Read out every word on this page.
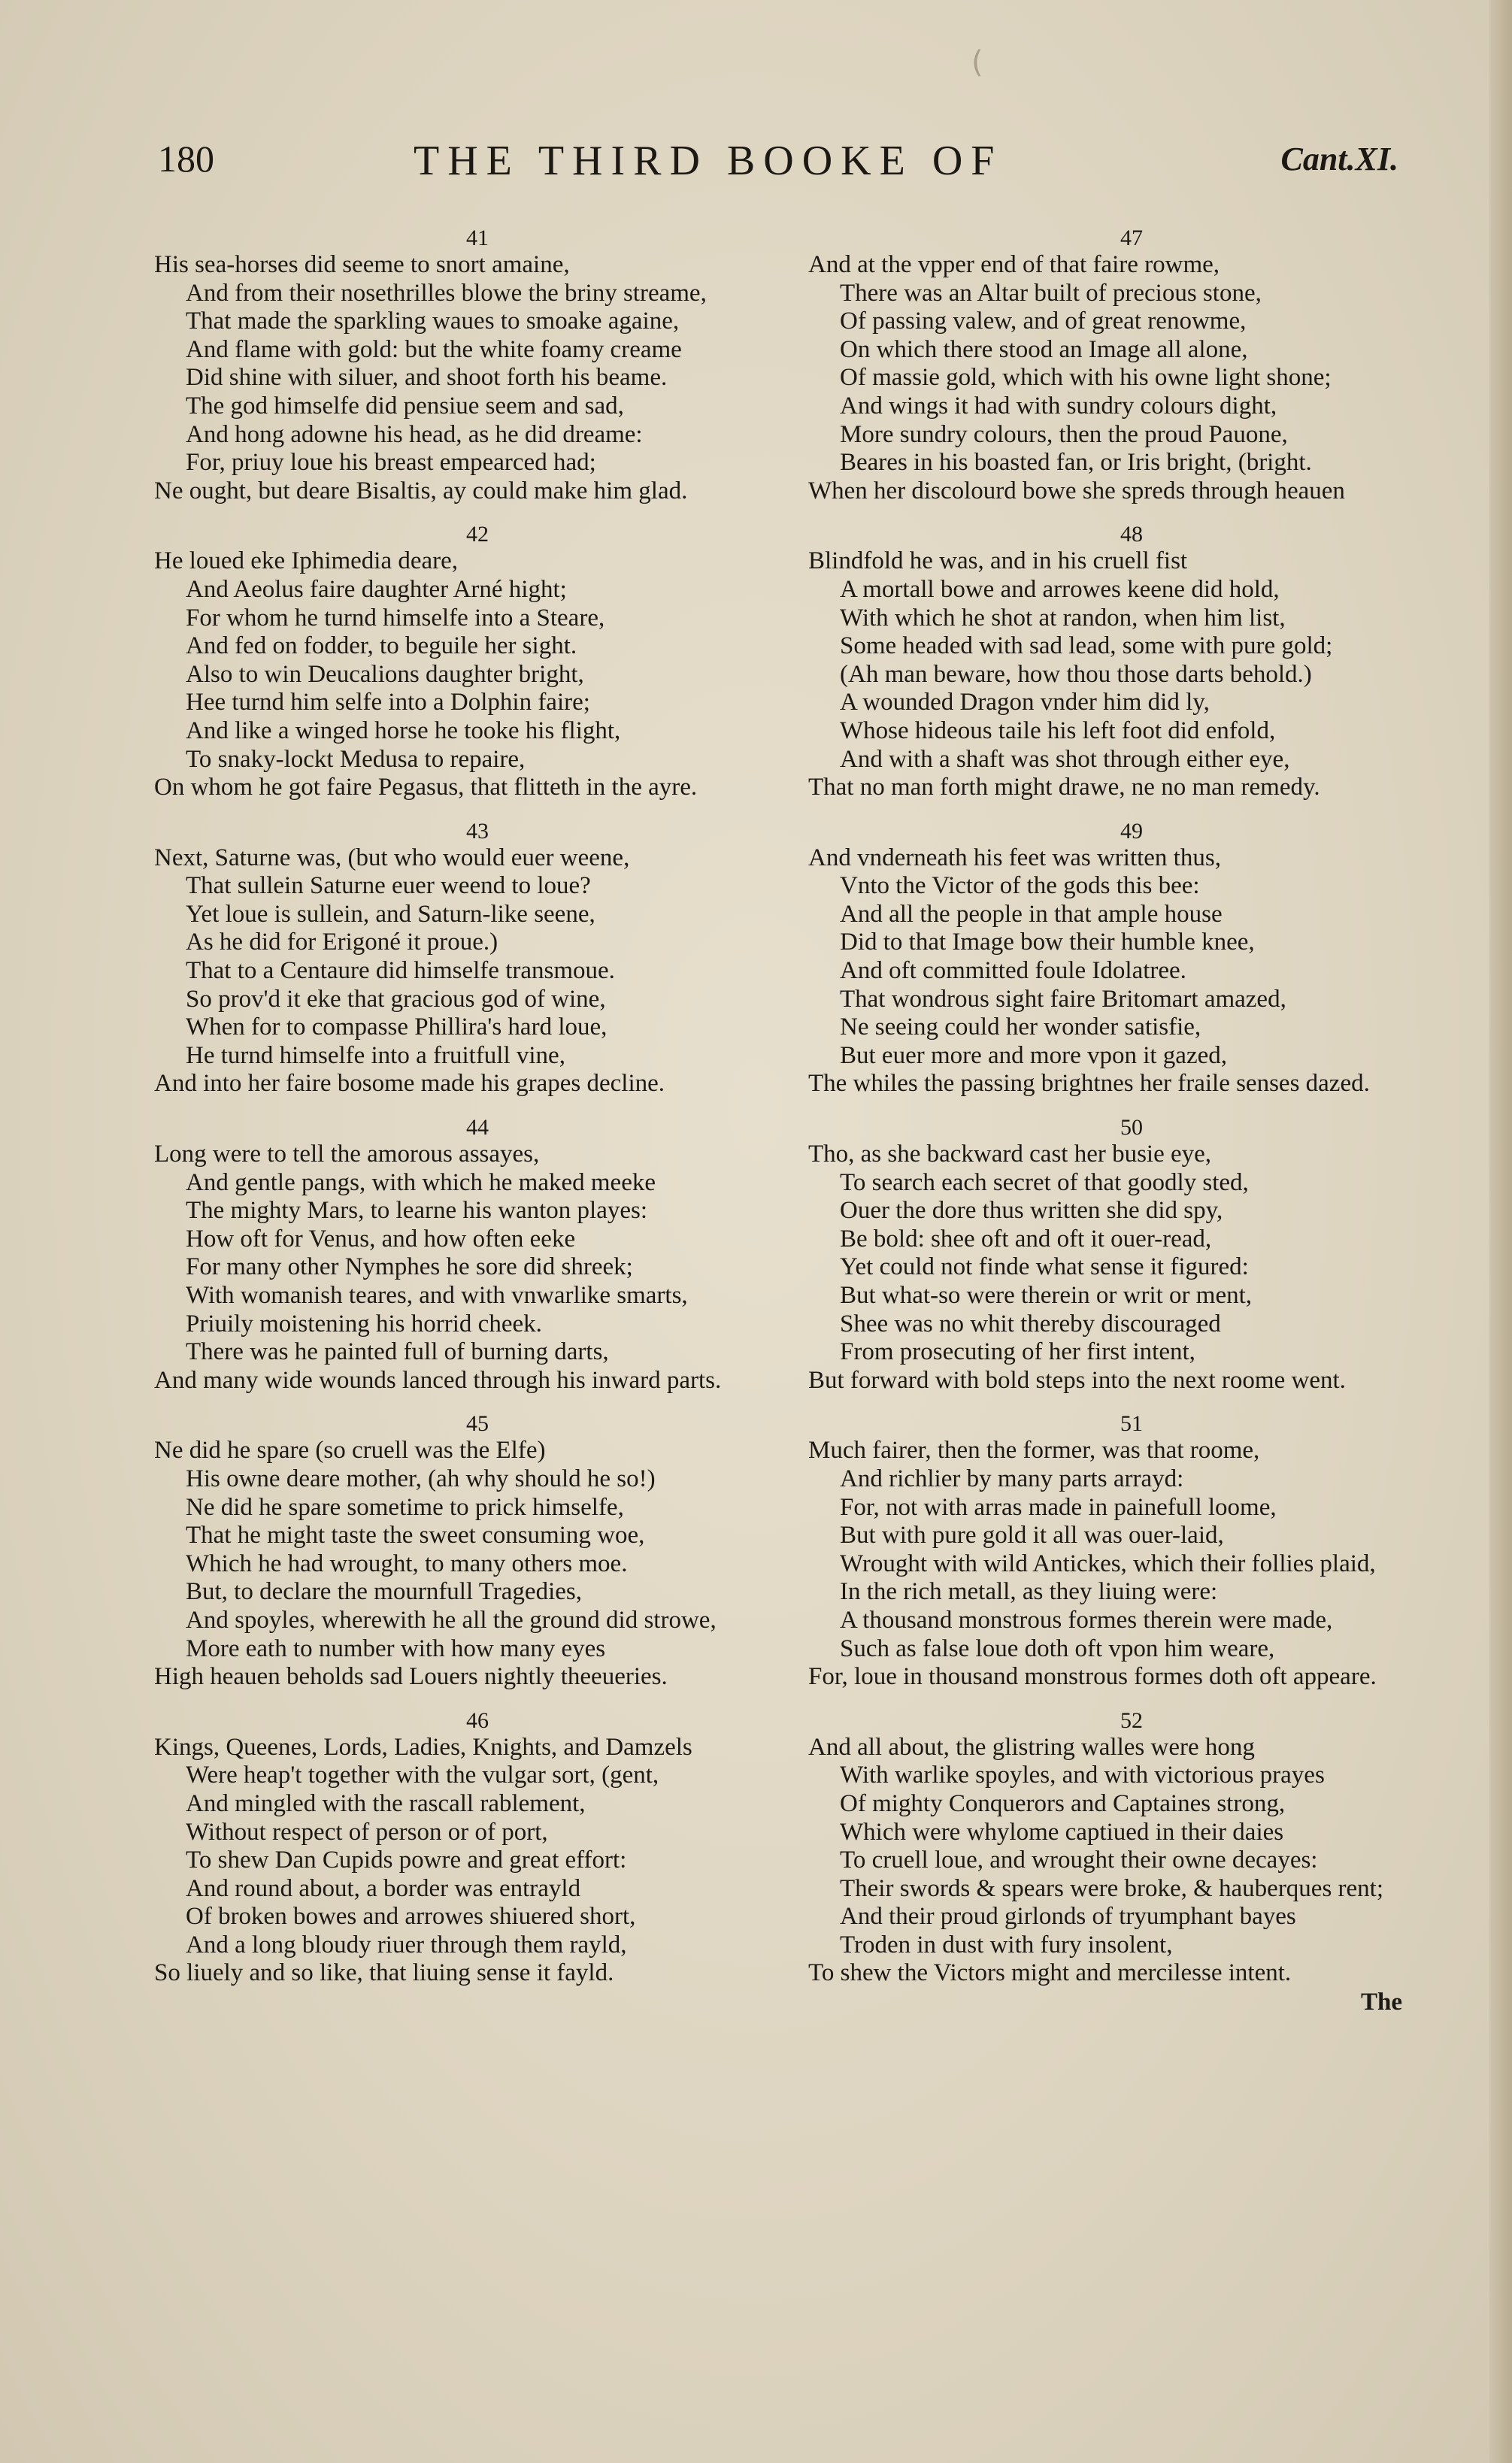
(
180	THE THIRD BOOKE OF	Cant.XI.
41
His sea-horses did seeme to snort amaine,
And from their nosethrilles blowe the briny streame,
That made the sparkling waues to smoake againe,
And flame with gold: but the white foamy creame
Did shine with siluer, and shoot forth his beame.
The god himselfe did pensiue seem and sad,
And hong adowne his head, as he did dreame:
For, priuy loue his breast empearced had;
Ne ought, but deare Bisaltis, ay could make him glad.
42
He loued eke Iphimedia deare,
And Aeolus faire daughter Arné hight;
For whom he turnd himselfe into a Steare,
And fed on fodder, to beguile her sight.
Also to win Deucalions daughter bright,
Hee turnd him selfe into a Dolphin faire;
And like a winged horse he tooke his flight,
To snaky-lockt Medusa to repaire,
On whom he got faire Pegasus, that flitteth in the ayre.
43
Next, Saturne was, (but who would euer weene,
That sullein Saturne euer weend to loue?
Yet loue is sullein, and Saturn-like seene,
As he did for Erigoné it proue.)
That to a Centaure did himselfe transmoue.
So prov'd it eke that gracious god of wine,
When for to compasse Phillira's hard loue,
He turnd himselfe into a fruitfull vine,
And into her faire bosome made his grapes decline.
44
Long were to tell the amorous assayes,
And gentle pangs, with which he maked meeke
The mighty Mars, to learne his wanton playes:
How oft for Venus, and how often eeke
For many other Nymphes he sore did shreek;
With womanish teares, and with vnwarlike smarts,
Priuily moistening his horrid cheek.
There was he painted full of burning darts,
And many wide wounds lanced through his inward parts.
45
Ne did he spare (so cruell was the Elfe)
His owne deare mother, (ah why should he so!)
Ne did he spare sometime to prick himselfe,
That he might taste the sweet consuming woe,
Which he had wrought, to many others moe.
But, to declare the mournfull Tragedies,
And spoyles, wherewith he all the ground did strowe,
More eath to number with how many eyes
High heauen beholds sad Louers nightly theeueries.
46
Kings, Queenes, Lords, Ladies, Knights, and Damzels
Were heap't together with the vulgar sort, (gent,
And mingled with the rascall rablement,
Without respect of person or of port,
To shew Dan Cupids powre and great effort:
And round about, a border was entrayld
Of broken bowes and arrowes shiuered short,
And a long bloudy riuer through them rayld,
So liuely and so like, that liuing sense it fayld.
47
And at the vpper end of that faire rowme,
There was an Altar built of precious stone,
Of passing valew, and of great renowme,
On which there stood an Image all alone,
Of massie gold, which with his owne light shone;
And wings it had with sundry colours dight,
More sundry colours, then the proud Pauone,
Beares in his boasted fan, or Iris bright, (bright.
When her discolourd bowe she spreds through heauen
48
Blindfold he was, and in his cruell fist
A mortall bowe and arrowes keene did hold,
With which he shot at randon, when him list,
Some headed with sad lead, some with pure gold;
(Ah man beware, how thou those darts behold.)
A wounded Dragon vnder him did ly,
Whose hideous taile his left foot did enfold,
And with a shaft was shot through either eye,
That no man forth might drawe, ne no man remedy.
49
And vnderneath his feet was written thus,
Vnto the Victor of the gods this bee:
And all the people in that ample house
Did to that Image bow their humble knee,
And oft committed foule Idolatree.
That wondrous sight faire Britomart amazed,
Ne seeing could her wonder satisfie,
But euer more and more vpon it gazed,
The whiles the passing brightnes her fraile senses dazed.
50
Tho, as she backward cast her busie eye,
To search each secret of that goodly sted,
Ouer the dore thus written she did spy,
Be bold: shee oft and oft it ouer-read,
Yet could not finde what sense it figured:
But what-so were therein or writ or ment,
Shee was no whit thereby discouraged
From prosecuting of her first intent,
But forward with bold steps into the next roome went.
51
Much fairer, then the former, was that roome,
And richlier by many parts arrayd:
For, not with arras made in painefull loome,
But with pure gold it all was ouer-laid,
Wrought with wild Antickes, which their follies plaid,
In the rich metall, as they liuing were:
A thousand monstrous formes therein were made,
Such as false loue doth oft vpon him weare,
For, loue in thousand monstrous formes doth oft appeare.
52
And all about, the glistring walles were hong
With warlike spoyles, and with victorious prayes
Of mighty Conquerors and Captaines strong,
Which were whylome captiued in their daies
To cruell loue, and wrought their owne decayes:
Their swords & spears were broke, & hauberques rent;
And their proud girlonds of tryumphant bayes
Troden in dust with fury insolent,
To shew the Victors might and mercilesse intent.
The
